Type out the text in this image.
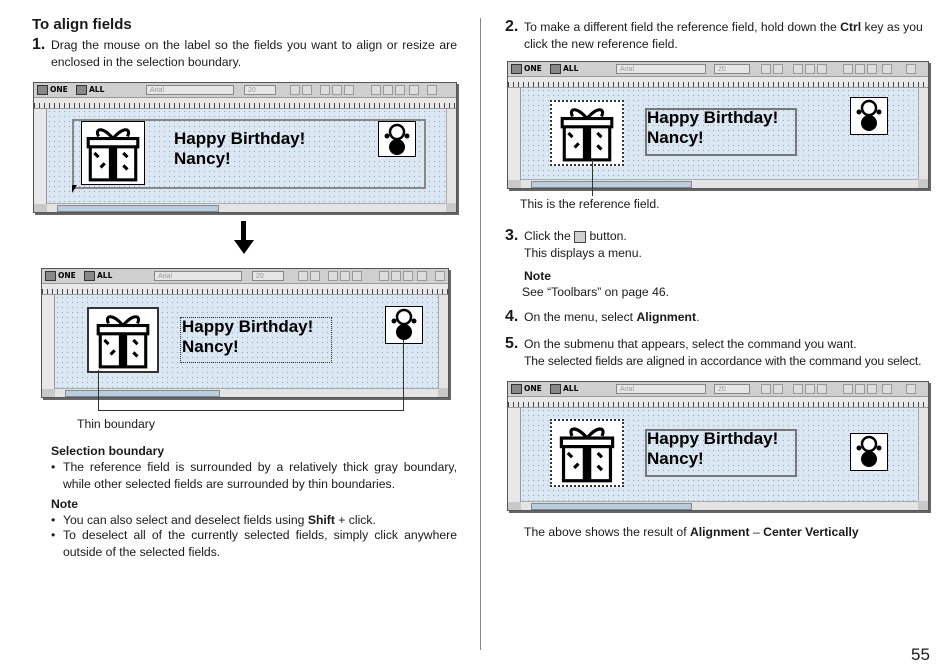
To align fields
1. Drag the mouse on the label so the fields you want to align or resize are enclosed in the selection boundary.
ONE	ALL	Arial	20
Happy Birthday!
Nancy!
ONE	ALL	Arial	20
Happy Birthday!
Nancy!
Thin boundary
Selection boundary
• The reference field is surrounded by a relatively thick gray boundary, while other selected fields are surrounded by thin boundaries.
Note
• You can also select and deselect fields using Shift + click.
• To deselect all of the currently selected fields, simply click anywhere outside of the selected fields.
2. To make a different field the reference field, hold down the Ctrl key as you click the new reference field.
ONE	ALL	Arial	20
Happy Birthday!
Nancy!
This is the reference field.
3. Click the  button.
This displays a menu.
Note
See “Toolbars” on page 46.
4. On the menu, select Alignment.
5. On the submenu that appears, select the command you want.
The selected fields are aligned in accordance with the command you select.
ONE	ALL	Arial	20
Happy Birthday!
Nancy!
The above shows the result of Alignment – Center Vertically
55
